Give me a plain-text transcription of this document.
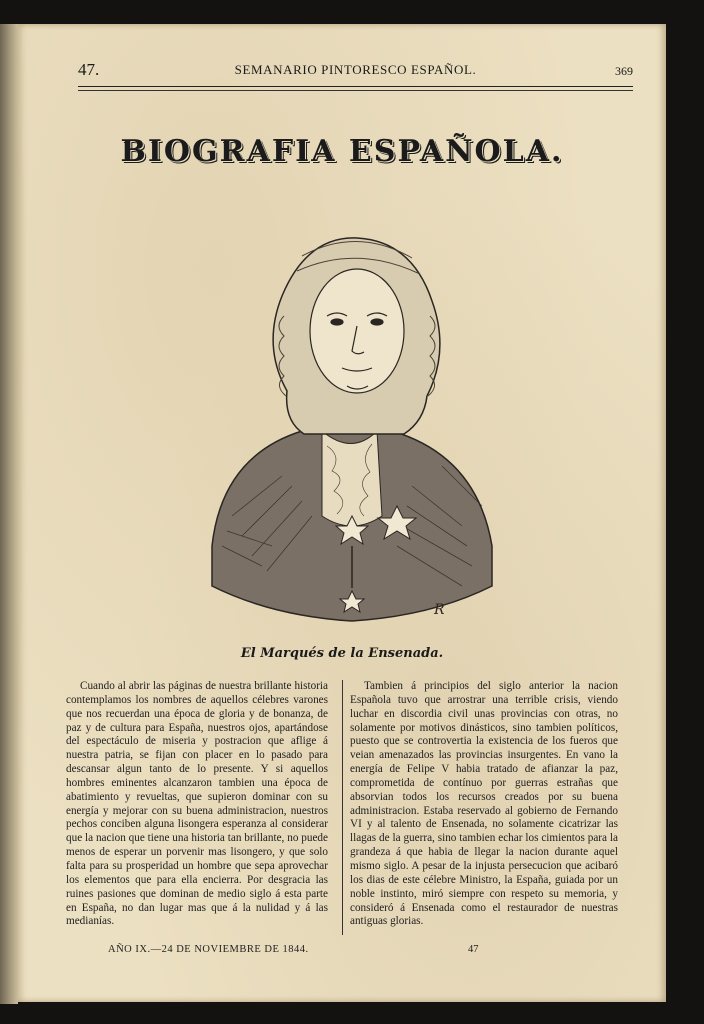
47.	SEMANARIO PINTORESCO ESPAÑOL.	369
BIOGRAFIA ESPAÑOLA.
R
El Marqués de la Ensenada.
Cuando al abrir las páginas de nuestra brillante historia contemplamos los nombres de aquellos célebres varones que nos recuerdan una época de gloria y de bonanza, de paz y de cultura para España, nuestros ojos, apartándose del espectáculo de miseria y postracion que aflige á nuestra patria, se fijan con placer en lo pasado para descansar algun tanto de lo presente. Y si aquellos hombres eminentes alcanzaron tambien una época de abatimiento y revueltas, que supieron dominar con su energía y mejorar con su buena administracion, nuestros pechos conciben alguna lisongera esperanza al considerar que la nacion que tiene una historia tan brillante, no puede menos de esperar un porvenir mas lisongero, y que solo falta para su prosperidad un hombre que sepa aprovechar los elementos que para ella encierra. Por desgracia las ruines pasiones que dominan de medio siglo á esta parte en España, no dan lugar mas que á la nulidad y á las medianías.
Tambien á principios del siglo anterior la nacion Española tuvo que arrostrar una terrible crisis, viendo luchar en discordia civil unas provincias con otras, no solamente por motivos dinásticos, sino tambien políticos, puesto que se controvertia la existencia de los fueros que veian amenazados las provincias insurgentes. En vano la energía de Felipe V habia tratado de afianzar la paz, comprometida de contínuo por guerras estrañas que absorvian todos los recursos creados por su buena administracion. Estaba reservado al gobierno de Fernando VI y al talento de Ensenada, no solamente cicatrizar las llagas de la guerra, sino tambien echar los cimientos para la grandeza á que habia de llegar la nacion durante aquel mismo siglo. A pesar de la injusta persecucion que acibaró los dias de este célebre Ministro, la España, guiada por un noble instinto, miró siempre con respeto su memoria, y consideró á Ensenada como el restaurador de nuestras antiguas glorias.
AÑO IX.—24 DE NOVIEMBRE DE 1844.	47
